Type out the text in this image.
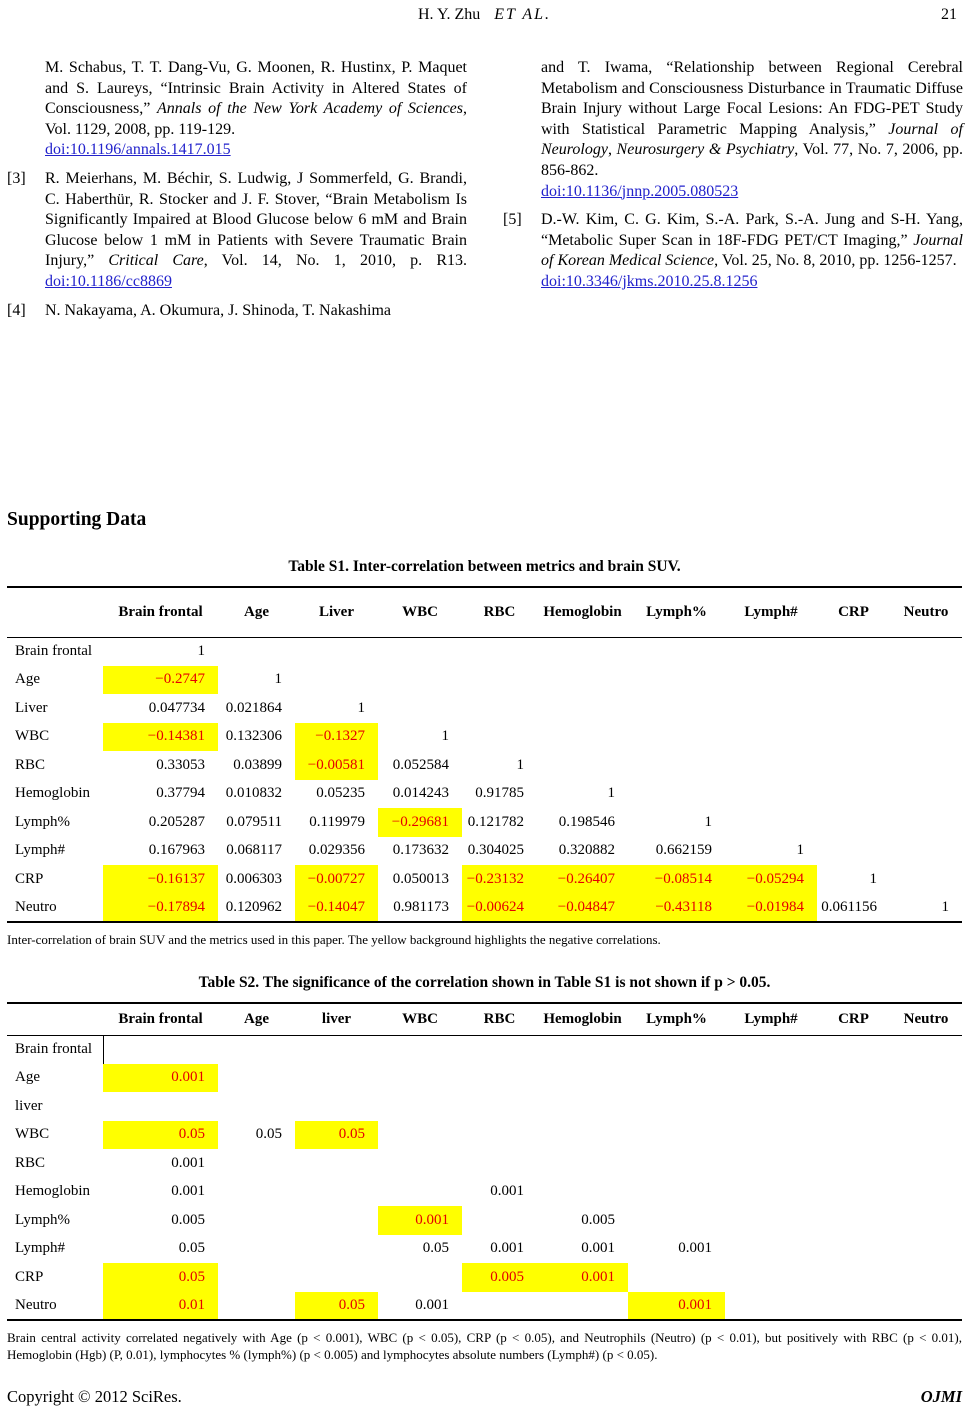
H. Y. Zhu ET AL.	21
M. Schabus, T. T. Dang-Vu, G. Moonen, R. Hustinx, P. Maquet and S. Laureys, “Intrinsic Brain Activity in Altered States of Consciousness,” Annals of the New York Academy of Sciences, Vol. 1129, 2008, pp. 119-129.
doi:10.1196/annals.1417.015
[3] R. Meierhans, M. Béchir, S. Ludwig, J Sommerfeld, G. Brandi, C. Haberthür, R. Stocker and J. F. Stover, “Brain Metabolism Is Significantly Impaired at Blood Glucose below 6 mM and Brain Glucose below 1 mM in Patients with Severe Traumatic Brain Injury,” Critical Care, Vol. 14, No. 1, 2010, p. R13. doi:10.1186/cc8869
[4] N. Nakayama, A. Okumura, J. Shinoda, T. Nakashima
and T. Iwama, “Relationship between Regional Cerebral Metabolism and Consciousness Disturbance in Traumatic Diffuse Brain Injury without Large Focal Lesions: An FDG-PET Study with Statistical Parametric Mapping Analysis,” Journal of Neurology, Neurosurgery & Psychiatry, Vol. 77, No. 7, 2006, pp. 856-862.
doi:10.1136/jnnp.2005.080523
[5] D.-W. Kim, C. G. Kim, S.-A. Park, S.-A. Jung and S-H. Yang, “Metabolic Super Scan in 18F-FDG PET/CT Imaging,” Journal of Korean Medical Science, Vol. 25, No. 8, 2010, pp. 1256-1257.
doi:10.3346/jkms.2010.25.8.1256
Supporting Data
Table S1. Inter-correlation between metrics and brain SUV.
	Brain frontal	Age	Liver	WBC	RBC	Hemoglobin	Lymph%	Lymph#	CRP	Neutro
Brain frontal	1									
Age	−0.2747	1								
Liver	0.047734	0.021864	1							
WBC	−0.14381	0.132306	−0.1327	1						
RBC	0.33053	0.03899	−0.00581	0.052584	1					
Hemoglobin	0.37794	0.010832	0.05235	0.014243	0.91785	1				
Lymph%	0.205287	0.079511	0.119979	−0.29681	0.121782	0.198546	1			
Lymph#	0.167963	0.068117	0.029356	0.173632	0.304025	0.320882	0.662159	1		
CRP	−0.16137	0.006303	−0.00727	0.050013	−0.23132	−0.26407	−0.08514	−0.05294	1	
Neutro	−0.17894	0.120962	−0.14047	0.981173	−0.00624	−0.04847	−0.43118	−0.01984	0.061156	1
Inter-correlation of brain SUV and the metrics used in this paper. The yellow background highlights the negative correlations.
Table S2. The significance of the correlation shown in Table S1 is not shown if p > 0.05.
	Brain frontal	Age	liver	WBC	RBC	Hemoglobin	Lymph%	Lymph#	CRP	Neutro
Brain frontal										
Age	0.001									
liver										
WBC	0.05	0.05	0.05							
RBC	0.001									
Hemoglobin	0.001				0.001					
Lymph%	0.005			0.001		0.005				
Lymph#	0.05			0.05	0.001	0.001	0.001			
CRP	0.05				0.005	0.001				
Neutro	0.01		0.05	0.001			0.001			
Brain central activity correlated negatively with Age (p < 0.001), WBC (p < 0.05), CRP (p < 0.05), and Neutrophils (Neutro) (p < 0.01), but positively with RBC (p < 0.01), Hemoglobin (Hgb) (P, 0.01), lymphocytes % (lymph%) (p < 0.005) and lymphocytes absolute numbers (Lymph#) (p < 0.05).
Copyright © 2012 SciRes.	OJMI
